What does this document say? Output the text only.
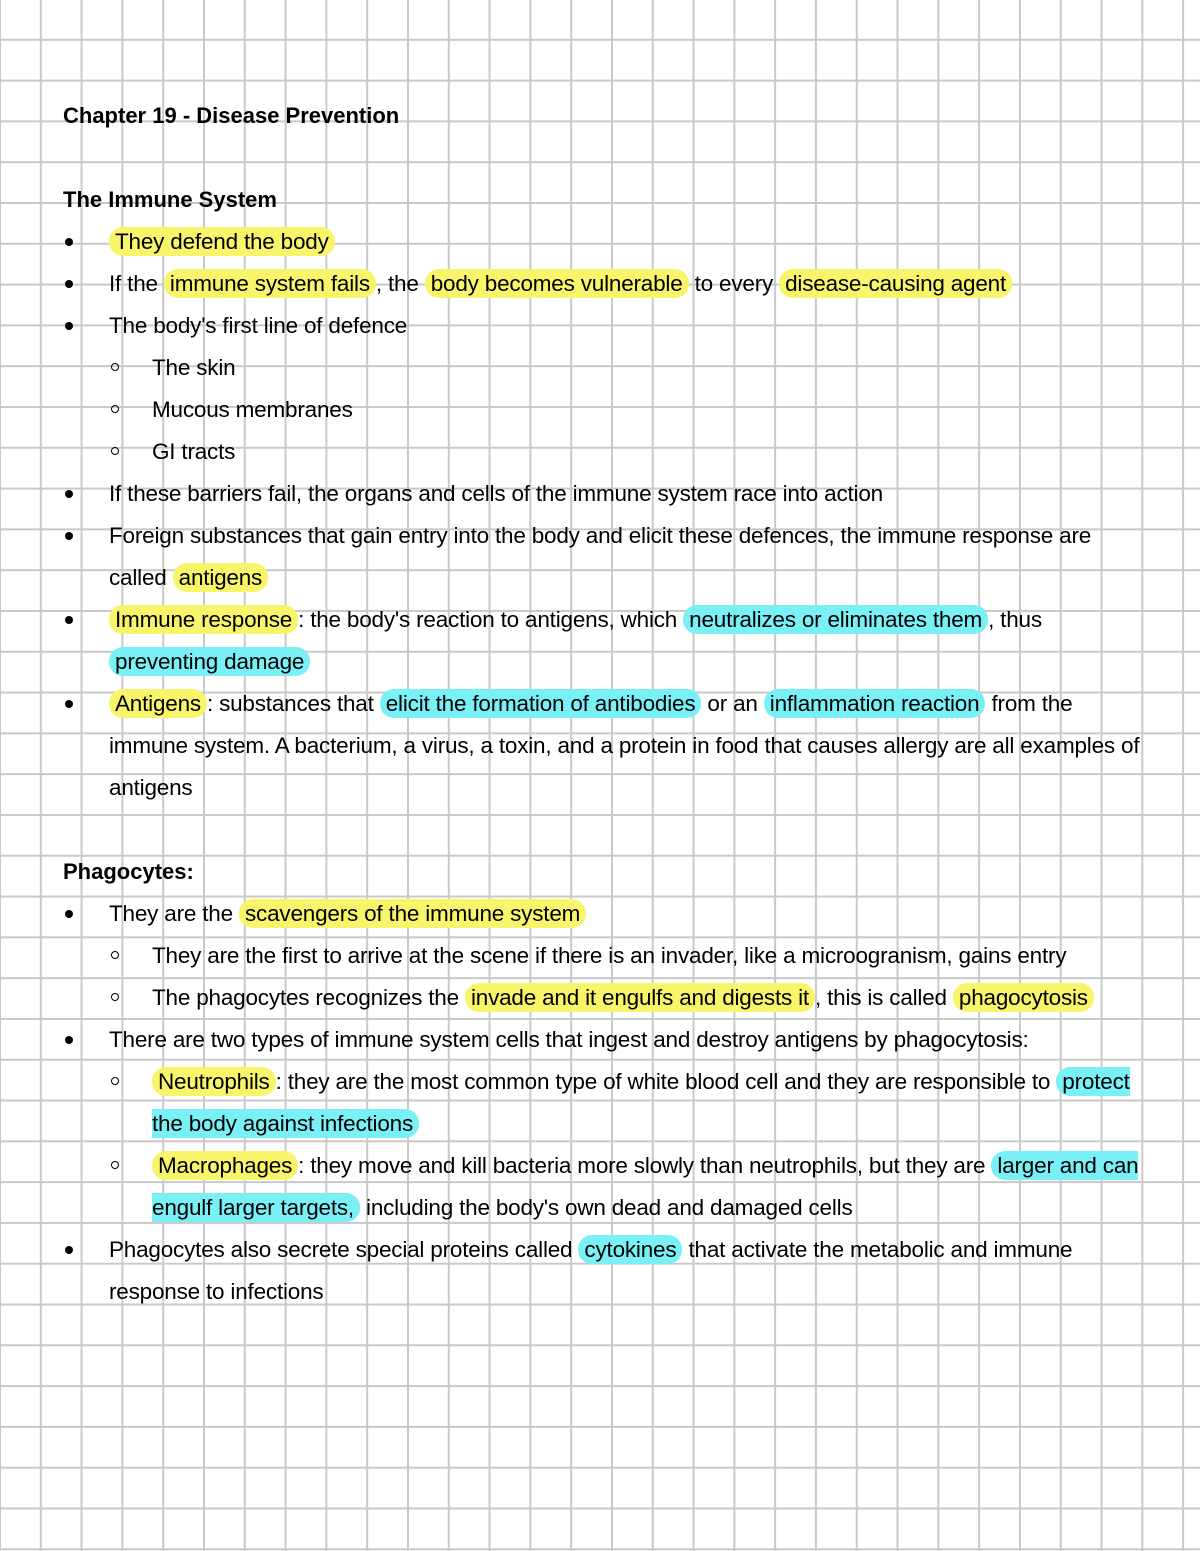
Chapter 19 - Disease Prevention
The Immune System
They defend the body
If the immune system fails , the body becomes vulnerable to every disease-causing agent
The body's first line of defence
The skin
Mucous membranes
GI tracts
If these barriers fail, the organs and cells of the immune system race into action
Foreign substances that gain entry into the body and elicit these defences, the immune response are called antigens
Immune response : the body's reaction to antigens, which neutralizes or eliminates them , thus preventing damage
Antigens : substances that elicit the formation of antibodies or an inflammation reaction from the immune system. A bacterium, a virus, a toxin, and a protein in food that causes allergy are all examples of antigens
Phagocytes:
They are the scavengers of the immune system
They are the first to arrive at the scene if there is an invader, like a microogranism, gains entry
The phagocytes recognizes the invade and it engulfs and digests it , this is called phagocytosis
There are two types of immune system cells that ingest and destroy antigens by phagocytosis:
Neutrophils : they are the most common type of white blood cell and they are responsible to protect the body against infections
Macrophages : they move and kill bacteria more slowly than neutrophils, but they are larger and can engulf larger targets, including the body's own dead and damaged cells
Phagocytes also secrete special proteins called cytokines that activate the metabolic and immune response to infections
